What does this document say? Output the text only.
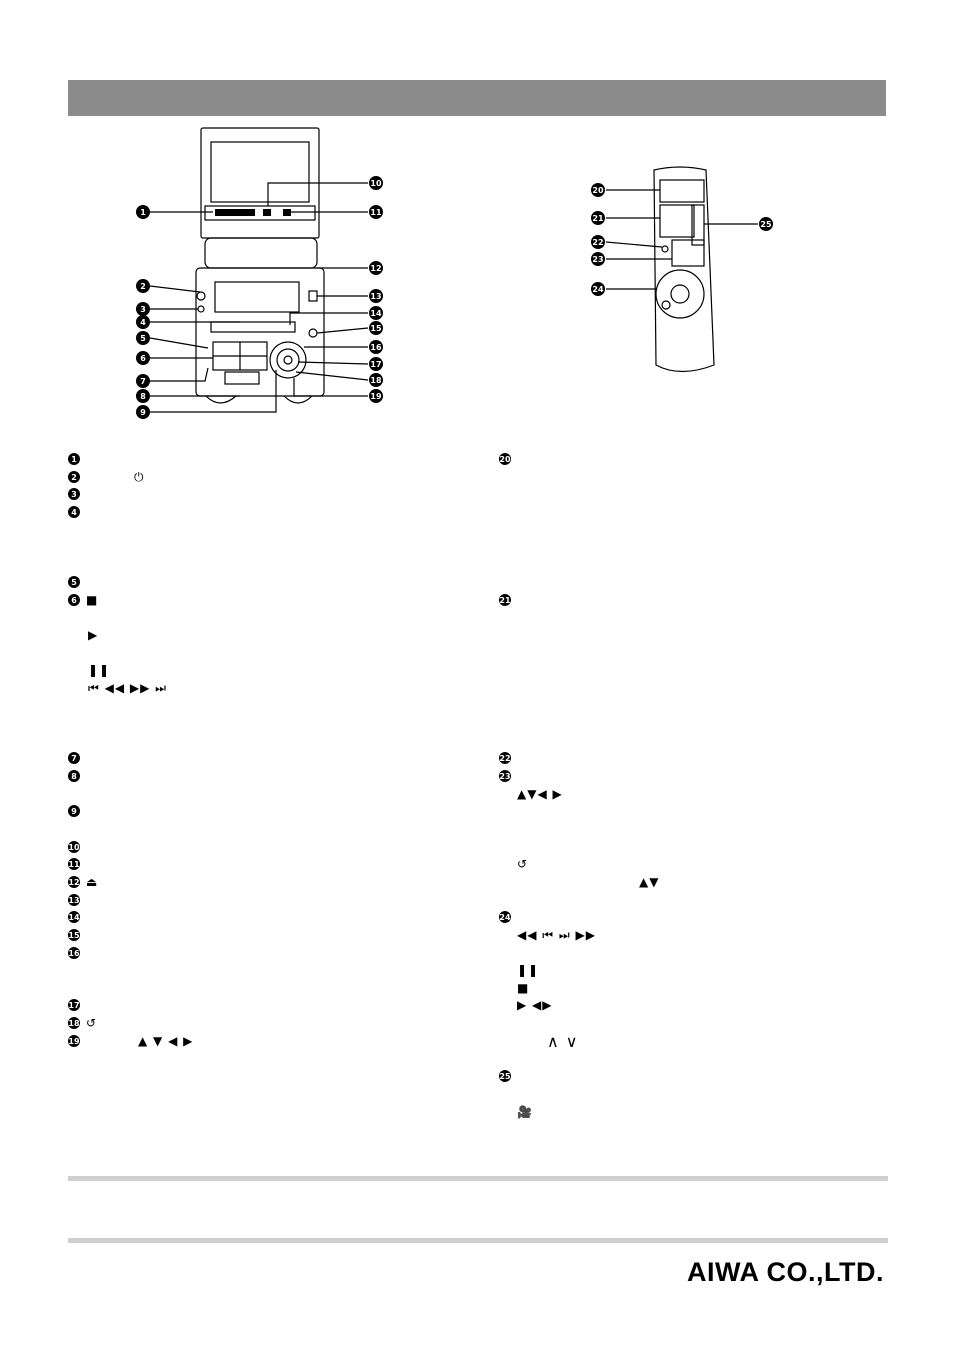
1
2
3
4
5
6
7
8
9
10
11
12
13
14
15
16
17
18
19
20
21
22
23
24
25
1
2	⏻
3
4
5
6 ■
▶
❚❚
⏮ ◀◀ ▶▶ ⏭
7
8
9
10
11
12 ⏏
13
14
15
16
17
18 ↺
19	▲ ▼ ◀ ▶
20
21
22
23
▲▼◀ ▶
↺
▲▼
24
◀◀ ⏮ ⏭ ▶▶
❚❚
■
▶ ◀▶
∧ ∨
25
🎥
AIWA CO.,LTD.
